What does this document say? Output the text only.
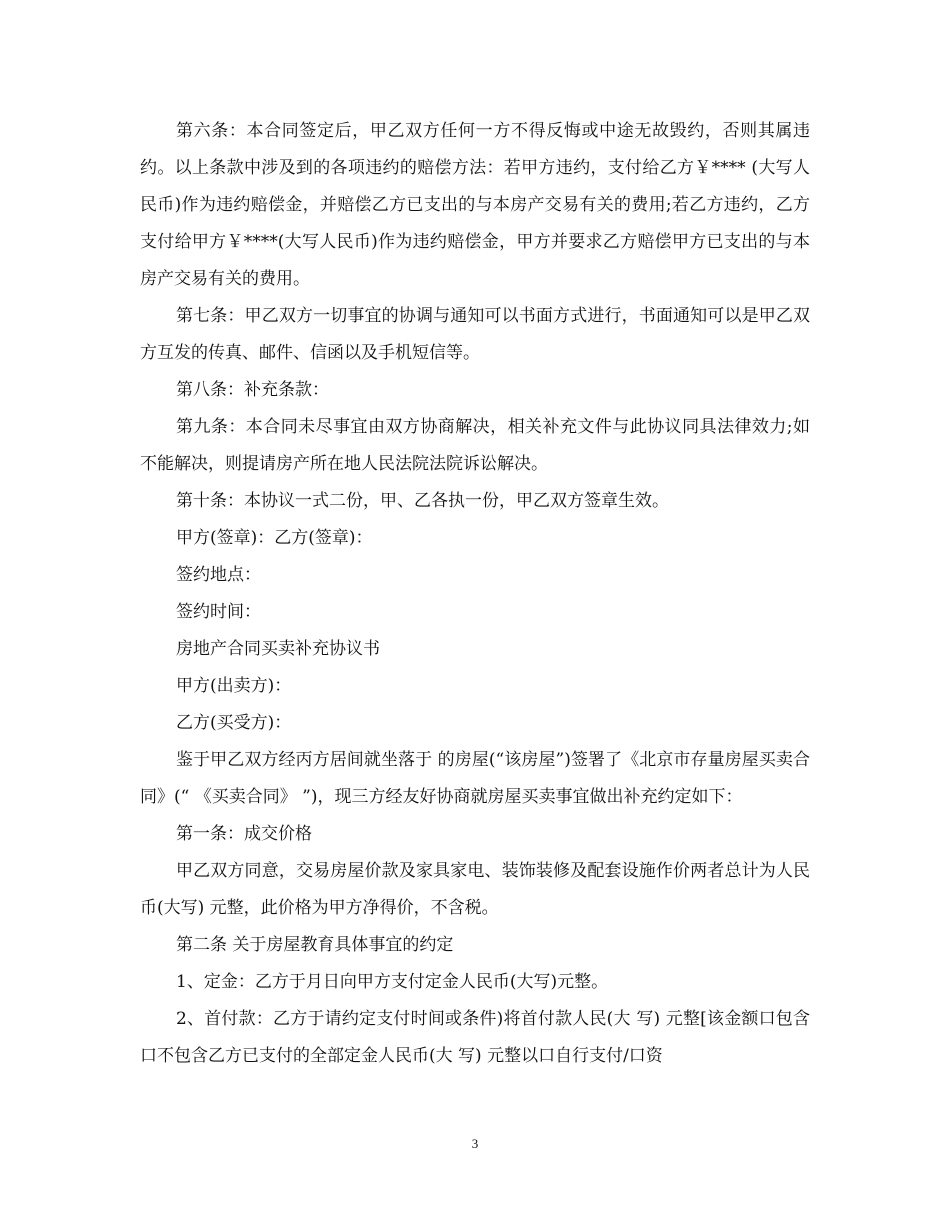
第六条：本合同签定后，甲乙双方任何一方不得反悔或中途无故毁约，否则其属违约。以上条款中涉及到的各项违约的赔偿方法：若甲方违约，支付给乙方￥**** (大写人民币)作为违约赔偿金，并赔偿乙方已支出的与本房产交易有关的费用;若乙方违约，乙方支付给甲方￥****(大写人民币)作为违约赔偿金，甲方并要求乙方赔偿甲方已支出的与本房产交易有关的费用。

第七条：甲乙双方一切事宜的协调与通知可以书面方式进行，书面通知可以是甲乙双方互发的传真、邮件、信函以及手机短信等。

第八条：补充条款：

第九条：本合同未尽事宜由双方协商解决，相关补充文件与此协议同具法律效力;如不能解决，则提请房产所在地人民法院法院诉讼解决。

第十条：本协议一式二份，甲、乙各执一份，甲乙双方签章生效。

甲方(签章)：乙方(签章)：

签约地点：

签约时间：

房地产合同买卖补充协议书

甲方(出卖方)：

乙方(买受方)：

鉴于甲乙双方经丙方居间就坐落于 的房屋(“该房屋”)签署了《北京市存量房屋买卖合同》(“ 《买卖合同》 ”)，现三方经友好协商就房屋买卖事宜做出补充约定如下：

第一条：成交价格

甲乙双方同意，交易房屋价款及家具家电、装饰装修及配套设施作价两者总计为人民币(大写) 元整，此价格为甲方净得价，不含税。

第二条 关于房屋教育具体事宜的约定

1、定金：乙方于月日向甲方支付定金人民币(大写)元整。

2、首付款：乙方于请约定支付时间或条件)将首付款人民(大 写) 元整[该金额口包含口不包含乙方已支付的全部定金人民币(大 写) 元整以口自行支付/口资

3
